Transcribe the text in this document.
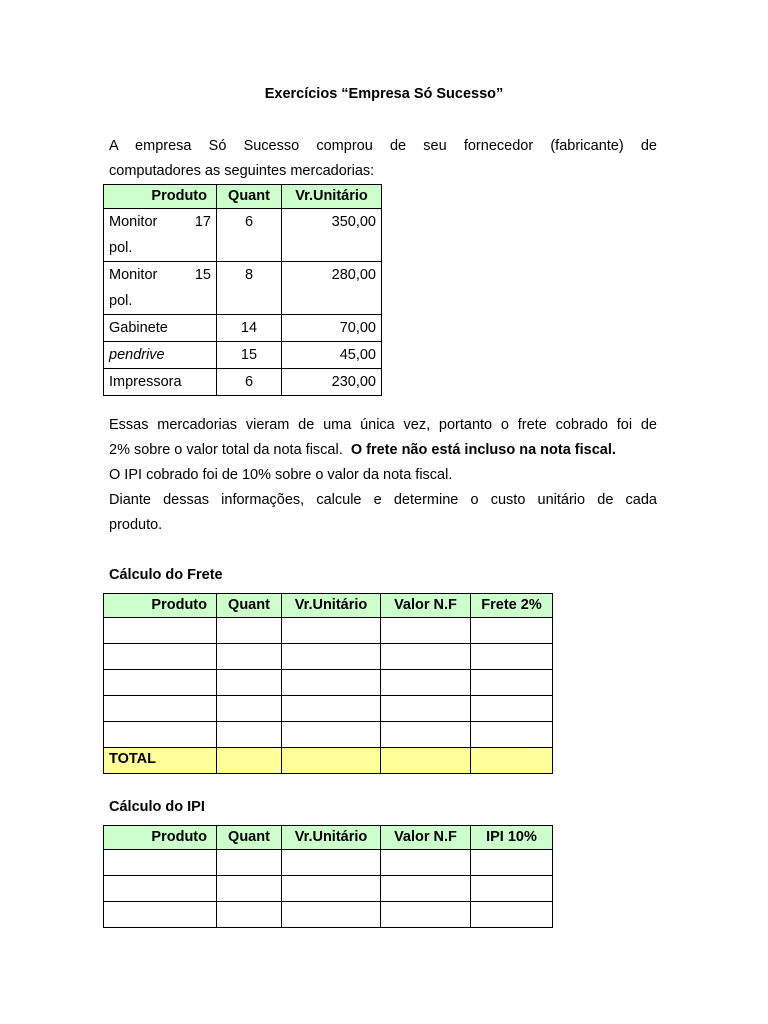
Exercícios “Empresa Só Sucesso”
A empresa Só Sucesso comprou de seu fornecedor (fabricante) de
computadores as seguintes mercadorias:
Produto	Quant	Vr.Unitário

Monitor 17
pol.	6	350,00

Monitor 15
pol.	8	280,00
Gabinete	14	70,00
pendrive	15	45,00
Impressora	6	230,00
Essas mercadorias vieram de uma única vez, portanto o frete cobrado foi de
2% sobre o valor total da nota fiscal. O frete não está incluso na nota fiscal.
O IPI cobrado foi de 10% sobre o valor da nota fiscal.
Diante dessas informações, calcule e determine o custo unitário de cada
produto.
Cálculo do Frete
Produto	Quant	Vr.Unitário	Valor N.F	Frete 2%

TOTAL				
Cálculo do IPI
Produto	Quant	Vr.Unitário	Valor N.F	IPI 10%
